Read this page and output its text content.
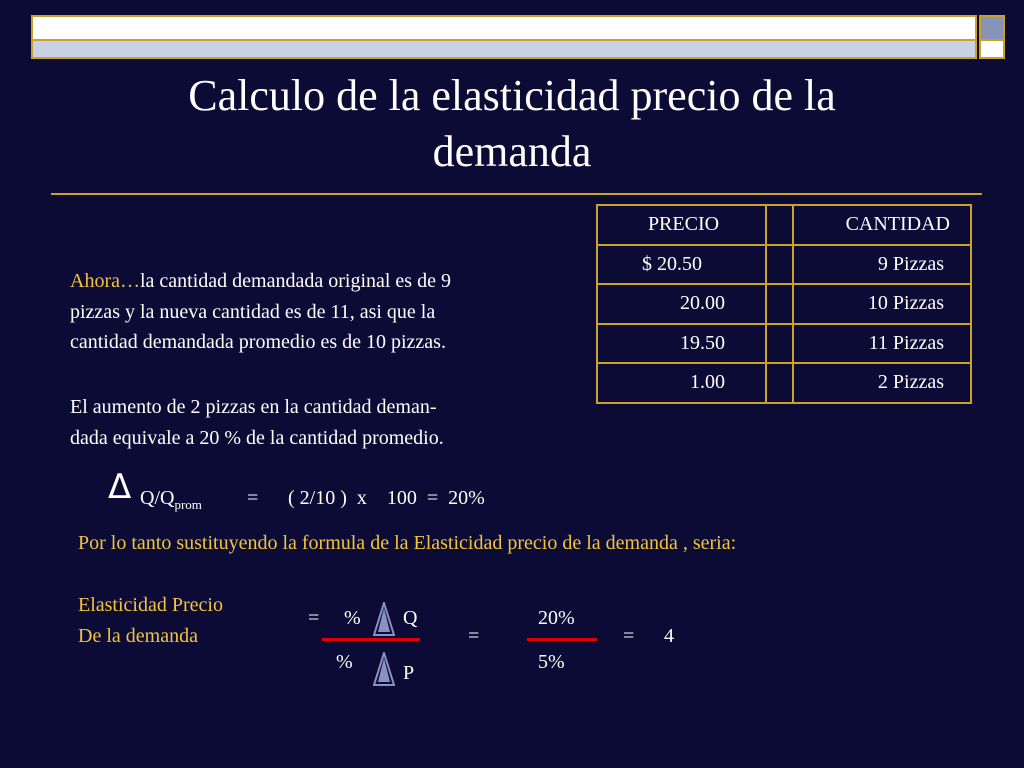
Calculo de la elasticidad precio de la
demanda
Ahora…la cantidad demandada original es de 9
pizzas y la nueva cantidad es de 11, asi que la
cantidad demandada promedio es de 10 pizzas.
El aumento de 2 pizzas en la cantidad deman-
dada equivale a 20 % de la cantidad promedio.
PRECIO		CANTIDAD
$ 20.50		9 Pizzas
20.00		10 Pizzas
19.50		11 Pizzas
1.00		2 Pizzas
Δ $Q/Q_{prom}$ = ( 2/10 )  x    100  =  20%
Por lo tanto sustituyendo la formula de la Elasticidad precio de la demanda , seria:
Elasticidad Precio
De la demanda
= % Q
%	P
=
20%
5%
= 4
